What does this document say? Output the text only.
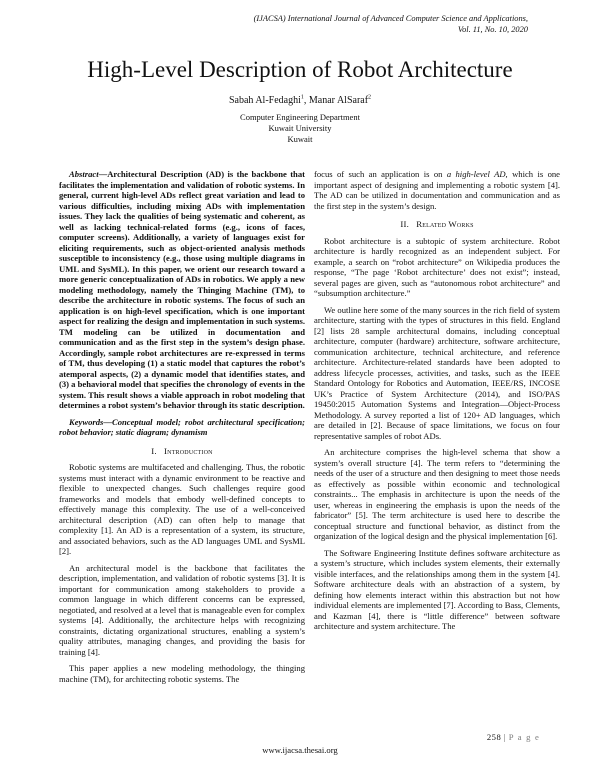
(IJACSA) International Journal of Advanced Computer Science and Applications,
Vol. 11, No. 10, 2020
High-Level Description of Robot Architecture
Sabah Al-Fedaghi$^1$, Manar AlSaraf$^2$
Computer Engineering Department
Kuwait University
Kuwait

Abstract—Architectural Description (AD) is the backbone that facilitates the implementation and validation of robotic systems. In general, current high-level ADs reflect great variation and lead to various difficulties, including mixing ADs with implementation issues. They lack the qualities of being systematic and coherent, as well as lacking technical-related forms (e.g., icons of faces, computer screens). Additionally, a variety of languages exist for eliciting requirements, such as object-oriented analysis methods susceptible to inconsistency (e.g., those using multiple diagrams in UML and SysML). In this paper, we orient our research toward a more generic conceptualization of ADs in robotics. We apply a new modeling methodology, namely the Thinging Machine (TM), to describe the architecture in robotic systems. The focus of such an application is on high-level specification, which is one important aspect for realizing the design and implementation in such systems. TM modeling can be utilized in documentation and communication and as the first step in the system’s design phase. Accordingly, sample robot architectures are re-expressed in terms of TM, thus developing (1) a static model that captures the robot’s atemporal aspects, (2) a dynamic model that identifies states, and (3) a behavioral model that specifies the chronology of events in the system. This result shows a viable approach in robot modeling that determines a robot system’s behavior through its static description.

Keywords—Conceptual model; robot architectural specification; robot behavior; static diagram; dynamism

I. Introduction

Robotic systems are multifaceted and challenging. Thus, the robotic systems must interact with a dynamic environment to be reactive and flexible to unexpected changes. Such challenges require good frameworks and models that embody well-defined concepts to effectively manage this complexity. The use of a well-conceived architectural description (AD) can often help to manage that complexity [1]. An AD is a representation of a system, its structure, and associated behaviors, such as the AD languages UML and SysML [2].

An architectural model is the backbone that facilitates the description, implementation, and validation of robotic systems [3]. It is important for communication among stakeholders to provide a common language in which different concerns can be expressed, negotiated, and resolved at a level that is manageable even for complex systems [4]. Additionally, the architecture helps with recognizing constraints, dictating organizational structures, enabling a system’s quality attributes, managing changes, and providing the basis for training [4].

This paper applies a new modeling methodology, the thinging machine (TM), for architecting robotic systems. The

focus of such an application is on a high-level AD, which is one important aspect of designing and implementing a robotic system [4]. The AD can be utilized in documentation and communication and as the first step in the system’s design.

II. Related Works

Robot architecture is a subtopic of system architecture. Robot architecture is hardly recognized as an independent subject. For example, a search on “robot architecture” on Wikipedia produces the response, “The page ‘Robot architecture’ does not exist”; instead, several pages are given, such as “autonomous robot architecture” and “subsumption architecture.”

We outline here some of the many sources in the rich field of system architecture, starting with the types of structures in this field. England [2] lists 28 sample architectural domains, including conceptual architecture, computer (hardware) architecture, software architecture, communication architecture, technical architecture, and reference architecture. Architecture-related standards have been adopted to address lifecycle processes, activities, and tasks, such as the IEEE Standard Ontology for Robotics and Automation, IEEE/RS, INCOSE UK’s Practice of System Architecture (2014), and ISO/PAS 19450:2015 Automation Systems and Integration—Object-Process Methodology. A survey reported a list of 120+ AD languages, which are detailed in [2]. Because of space limitations, we focus on four representative samples of robot ADs.

An architecture comprises the high-level schema that show a system’s overall structure [4]. The term refers to “determining the needs of the user of a structure and then designing to meet those needs as effectively as possible within economic and technological constraints... The emphasis in architecture is upon the needs of the user, whereas in engineering the emphasis is upon the needs of the fabricator” [5]. The term architecture is used here to describe the conceptual structure and functional behavior, as distinct from the organization of the logical design and the physical implementation [6].

The Software Engineering Institute defines software architecture as a system’s structure, which includes system elements, their externally visible interfaces, and the relationships among them in the system [4]. Software architecture deals with an abstraction of a system, by defining how elements interact within this abstraction but not how individual elements are implemented [7]. According to Bass, Clements, and Kazman [4], there is “little difference” between software architecture and system architecture. The

258 | P a g e
www.ijacsa.thesai.org
